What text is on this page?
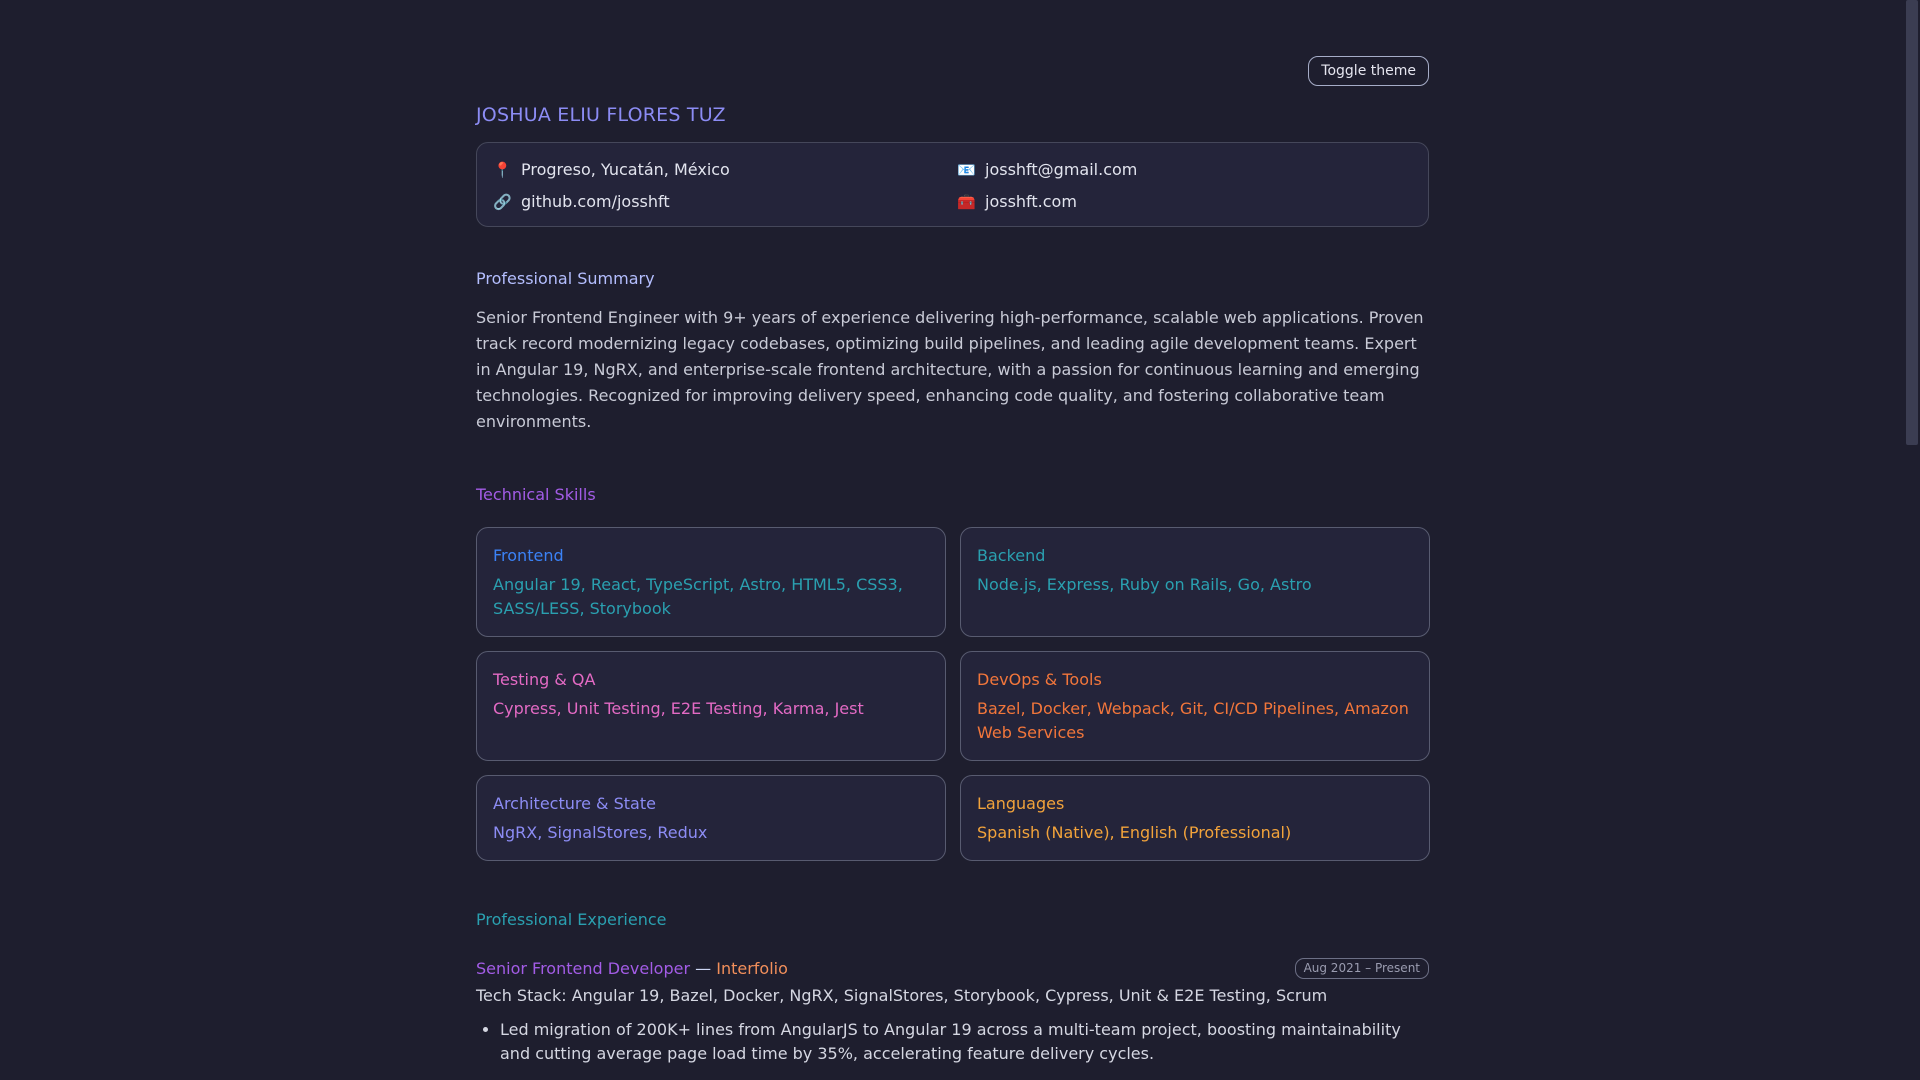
Toggle theme
JOSHUA ELIU FLORES TUZ
📍 Progreso, Yucatán, México	📧 josshft@gmail.com
🔗 github.com/josshft	🧰 josshft.com
Professional Summary

Senior Frontend Engineer with 9+ years of experience delivering high-performance, scalable web applications. Proven track record modernizing legacy codebases, optimizing build pipelines, and leading agile development teams. Expert in Angular 19, NgRX, and enterprise-scale frontend architecture, with a passion for continuous learning and emerging technologies. Recognized for improving delivery speed, enhancing code quality, and fostering collaborative team environments.

Technical Skills
Frontend
Angular 19, React, TypeScript, Astro, HTML5, CSS3, SASS/LESS, Storybook
Backend
Node.js, Express, Ruby on Rails, Go, Astro
Testing & QA
Cypress, Unit Testing, E2E Testing, Karma, Jest
DevOps & Tools
Bazel, Docker, Webpack, Git, CI/CD Pipelines, Amazon Web Services
Architecture & State
NgRX, SignalStores, Redux
Languages
Spanish (Native), English (Professional)
Professional Experience
Senior Frontend Developer — Interfolio	Aug 2021 – Present
Tech Stack: Angular 19, Bazel, Docker, NgRX, SignalStores, Storybook, Cypress, Unit & E2E Testing, Scrum
• Led migration of 200K+ lines from AngularJS to Angular 19 across a multi-team project, boosting maintainability and cutting average page load time by 35%, accelerating feature delivery cycles.
